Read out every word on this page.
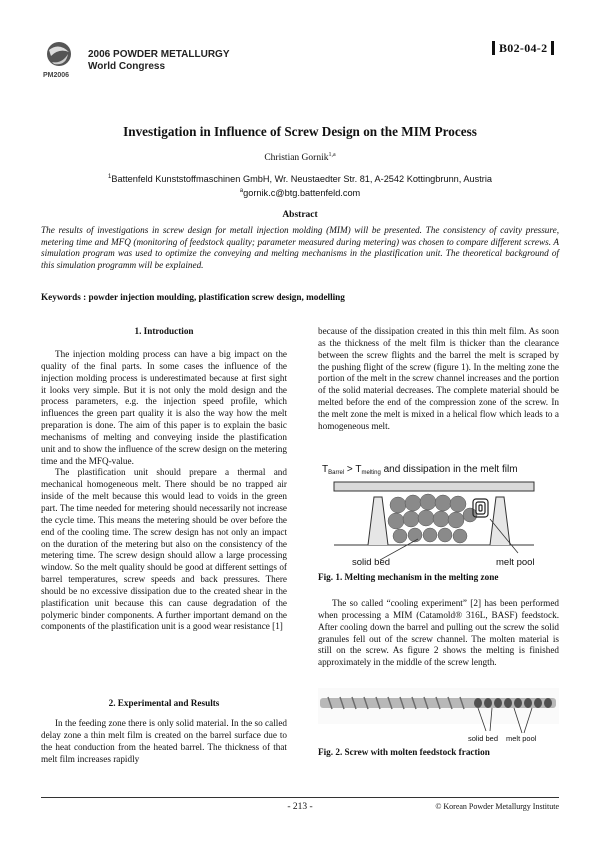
PM2006
2006 POWDER METALLURGY
World Congress
B02-04-2
Investigation in Influence of Screw Design on the MIM Process
Christian Gornik$^{1,a}$
$^1$Battenfeld Kunststoffmaschinen GmbH, Wr. Neustaedter Str. 81, A-2542 Kottingbrunn, Austria
$^a$gornik.c@btg.battenfeld.com
Abstract
The results of investigations in screw design for metall injection molding (MIM) will be presented. The consistency of cavity pressure, metering time and MFQ (monitoring of feedstock quality; parameter measured during metering) was chosen to compare different screws. A simulation program was used to optimize the conveying and melting mechanisms in the plastification unit. The theoretical background of this simulation programm will be explained.
Keywords : powder injection moulding, plastification screw design, modelling
1. Introduction

The injection molding process can have a big impact on the quality of the final parts. In some cases the influence of the injection molding process is underestimated because at first sight it looks very simple. But it is not only the mold design and the process parameters, e.g. the injection speed profile, which influences the green part quality it is also the way how the melt preparation is done. The aim of this paper is to explain the basic mechanisms of melting and conveying inside the plastification unit and to show the influence of the screw design on the metering time and the MFQ-value.

The plastification unit should prepare a thermal and mechanical homogeneous melt. There should be no trapped air inside of the melt because this would lead to voids in the green part. The time needed for metering should necessarily not increase the cycle time. This means the metering should be over before the end of the cooling time. The screw design has not only an impact on the duration of the metering but also on the consistency of the metering time. The screw design should allow a large processing window. So the melt quality should be good at different settings of barrel temperatures, screw speeds and back pressures. There should be no excessive dissipation due to the created shear in the plastification unit because this can cause degradation of the polymeric binder components. A further important demand on the components of the plastification unit is a good wear resistance [1]

2. Experimental and Results

In the feeding zone there is only solid material. In the so called delay zone a thin melt film is created on the barrel surface due to the heat conduction from the heated barrel. The thickness of that melt film increases rapidly

because of the dissipation created in this thin melt film. As soon as the thickness of the melt film is thicker than the clearance between the screw flights and the barrel the melt is scraped by the pushing flight of the screw (figure 1). In the melting zone the portion of the melt in the screw channel increases and the portion of the solid material decreases. The complete material should be melted before the end of the compression zone of the screw. In the melt zone the melt is mixed in a helical flow which leads to a homogeneous melt.

$T_{Barrel} > T_{melting}$ and dissipation in the melt film
solid bed	melt pool
Fig. 1. Melting mechanism in the melting zone

The so called “cooling experiment” [2] has been performed when processing a MIM (Catamold® 316L, BASF) feedstock. After cooling down the barrel and pulling out the screw the solid granules fell out of the screw channel. The molten material is still on the screw. As figure 2 shows the melting is finished approximately in the middle of the screw length.

solid bed melt pool
Fig. 2. Screw with molten feedstock fraction
- 213 -	© Korean Powder Metallurgy Institute
